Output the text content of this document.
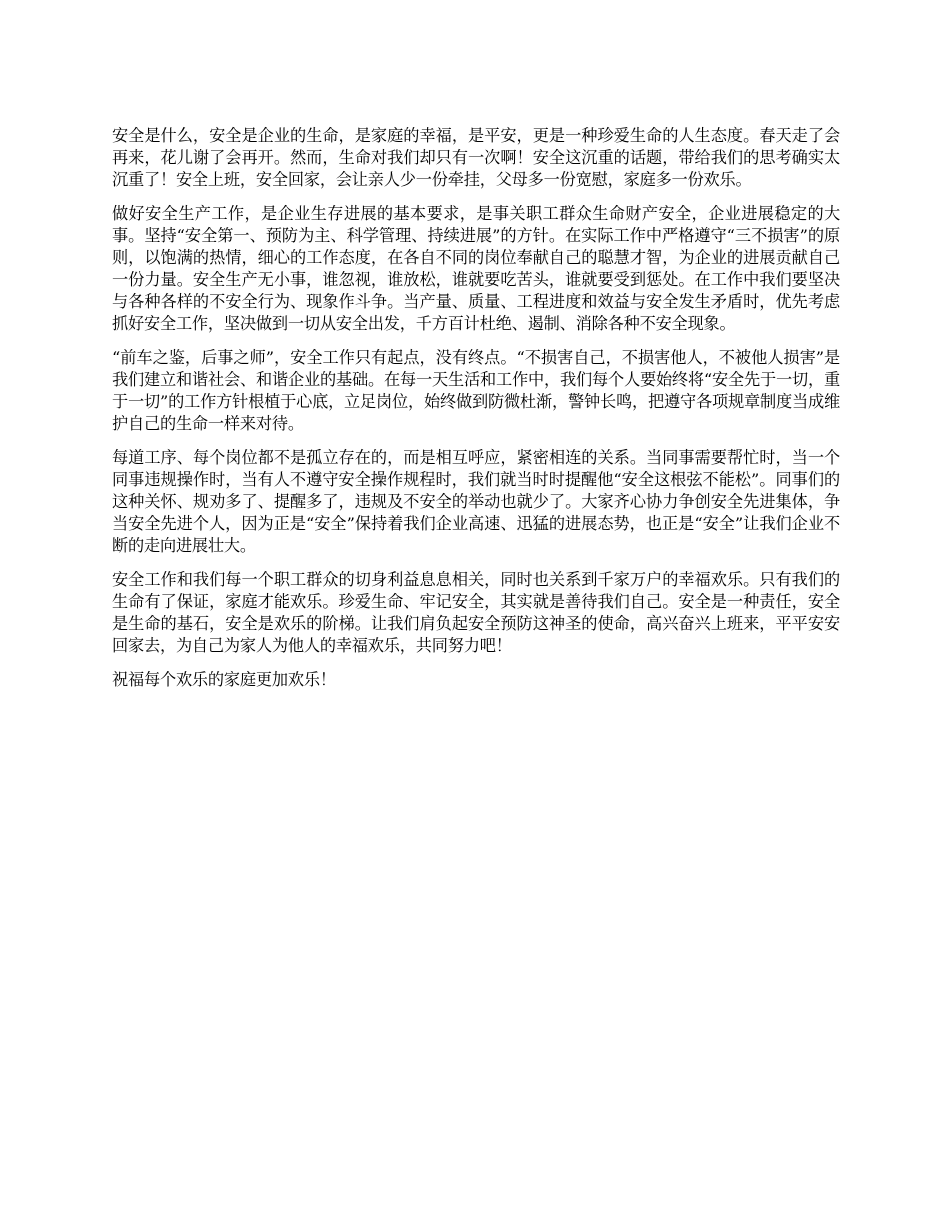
安全是什么，安全是企业的生命，是家庭的幸福，是平安，更是一种珍爱生命的人生态度。春天走了会再来，花儿谢了会再开。然而，生命对我们却只有一次啊！安全这沉重的话题，带给我们的思考确实太沉重了！安全上班，安全回家，会让亲人少一份牵挂，父母多一份宽慰，家庭多一份欢乐。

做好安全生产工作，是企业生存进展的基本要求，是事关职工群众生命财产安全，企业进展稳定的大事。坚持“安全第一、预防为主、科学管理、持续进展”的方针。在实际工作中严格遵守“三不损害”的原则，以饱满的热情，细心的工作态度，在各自不同的岗位奉献自己的聪慧才智，为企业的进展贡献自己一份力量。安全生产无小事，谁忽视，谁放松，谁就要吃苦头，谁就要受到惩处。在工作中我们要坚决与各种各样的不安全行为、现象作斗争。当产量、质量、工程进度和效益与安全发生矛盾时，优先考虑抓好安全工作，坚决做到一切从安全出发，千方百计杜绝、遏制、消除各种不安全现象。

“前车之鉴，后事之师”，安全工作只有起点，没有终点。“不损害自己，不损害他人，不被他人损害”是我们建立和谐社会、和谐企业的基础。在每一天生活和工作中，我们每个人要始终将“安全先于一切，重于一切”的工作方针根植于心底，立足岗位，始终做到防微杜渐，警钟长鸣，把遵守各项规章制度当成维护自己的生命一样来对待。

每道工序、每个岗位都不是孤立存在的，而是相互呼应，紧密相连的关系。当同事需要帮忙时，当一个同事违规操作时，当有人不遵守安全操作规程时，我们就当时时提醒他“安全这根弦不能松”。同事们的这种关怀、规劝多了、提醒多了，违规及不安全的举动也就少了。大家齐心协力争创安全先进集体，争当安全先进个人，因为正是“安全”保持着我们企业高速、迅猛的进展态势，也正是“安全”让我们企业不断的走向进展壮大。

安全工作和我们每一个职工群众的切身利益息息相关，同时也关系到千家万户的幸福欢乐。只有我们的生命有了保证，家庭才能欢乐。珍爱生命、牢记安全，其实就是善待我们自己。安全是一种责任，安全是生命的基石，安全是欢乐的阶梯。让我们肩负起安全预防这神圣的使命，高兴奋兴上班来，平平安安回家去，为自己为家人为他人的幸福欢乐，共同努力吧！

祝福每个欢乐的家庭更加欢乐！
